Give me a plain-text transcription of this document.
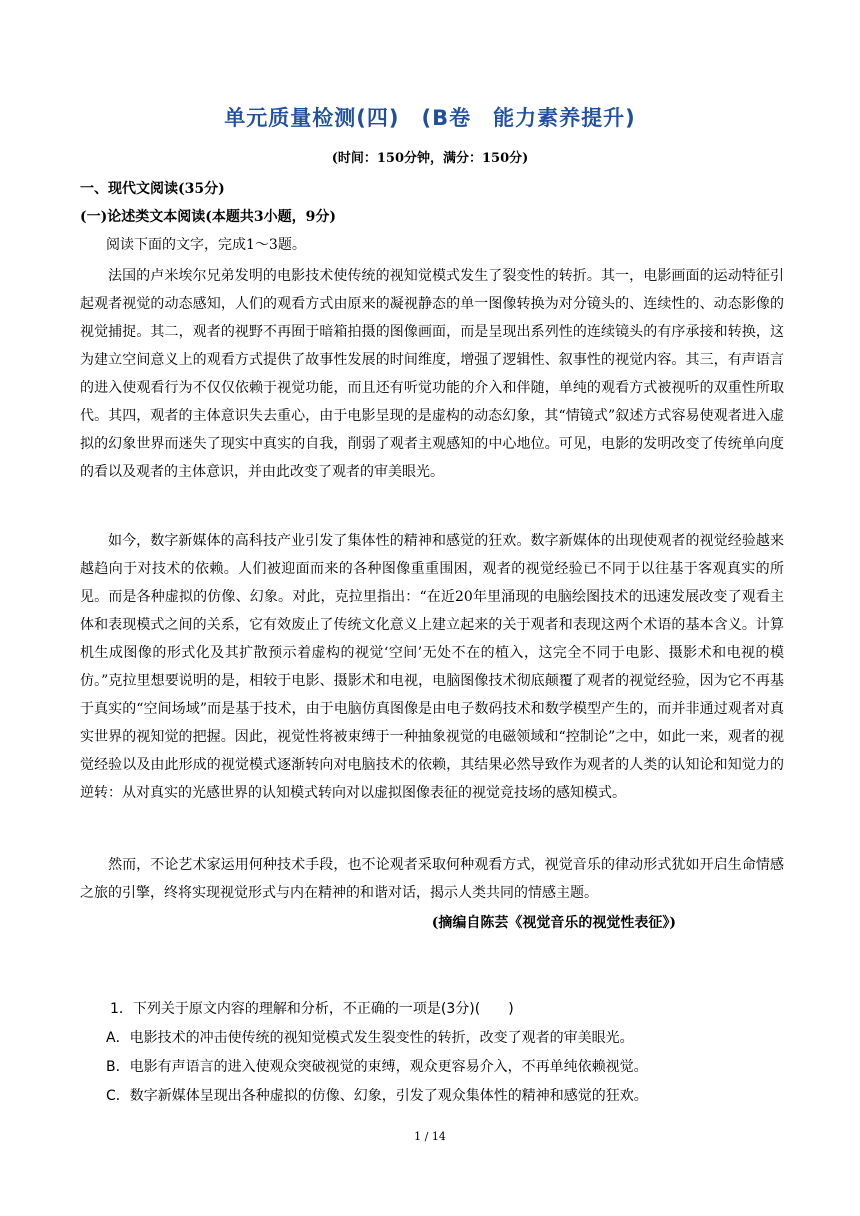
单元质量检测(四)　(B卷　能力素养提升)
(时间：150分钟，满分：150分)
一、现代文阅读(35分)
(一)论述类文本阅读(本题共3小题，9分)
阅读下面的文字，完成1～3题。
法国的卢米埃尔兄弟发明的电影技术使传统的视知觉模式发生了裂变性的转折。其一，电影画面的运动特征引起观者视觉的动态感知，人们的观看方式由原来的凝视静态的单一图像转换为对分镜头的、连续性的、动态影像的视觉捕捉。其二，观者的视野不再囿于暗箱拍摄的图像画面，而是呈现出系列性的连续镜头的有序承接和转换，这为建立空间意义上的观看方式提供了故事性发展的时间维度，增强了逻辑性、叙事性的视觉内容。其三，有声语言的进入使观看行为不仅仅依赖于视觉功能，而且还有听觉功能的介入和伴随，单纯的观看方式被视听的双重性所取代。其四，观者的主体意识失去重心，由于电影呈现的是虚构的动态幻象，其“情镜式”叙述方式容易使观者进入虚拟的幻象世界而迷失了现实中真实的自我，削弱了观者主观感知的中心地位。可见，电影的发明改变了传统单向度的看以及观者的主体意识，并由此改变了观者的审美眼光。
如今，数字新媒体的高科技产业引发了集体性的精神和感觉的狂欢。数字新媒体的出现使观者的视觉经验越来越趋向于对技术的依赖。人们被迎面而来的各种图像重重围困，观者的视觉经验已不同于以往基于客观真实的所见。而是各种虚拟的仿像、幻象。对此，克拉里指出：“在近20年里涌现的电脑绘图技术的迅速发展改变了观看主体和表现模式之间的关系，它有效废止了传统文化意义上建立起来的关于观者和表现这两个术语的基本含义。计算机生成图像的形式化及其扩散预示着虚构的视觉‘空间’无处不在的植入，这完全不同于电影、摄影术和电视的模仿。”克拉里想要说明的是，相较于电影、摄影术和电视，电脑图像技术彻底颠覆了观者的视觉经验，因为它不再基于真实的“空间场域”而是基于技术，由于电脑仿真图像是由电子数码技术和数学模型产生的，而并非通过观者对真实世界的视知觉的把握。因此，视觉性将被束缚于一种抽象视觉的电磁领域和“控制论”之中，如此一来，观者的视觉经验以及由此形成的视觉模式逐渐转向对电脑技术的依赖，其结果必然导致作为观者的人类的认知论和知觉力的逆转：从对真实的光感世界的认知模式转向对以虚拟图像表征的视觉竞技场的感知模式。
然而，不论艺术家运用何种技术手段，也不论观者采取何种观看方式，视觉音乐的律动形式犹如开启生命情感之旅的引擎，终将实现视觉形式与内在精神的和谐对话，揭示人类共同的情感主题。
(摘编自陈芸《视觉音乐的视觉性表征》)
1．下列关于原文内容的理解和分析，不正确的一项是(3分)(　　)
A．电影技术的冲击使传统的视知觉模式发生裂变性的转折，改变了观者的审美眼光。
B．电影有声语言的进入使观众突破视觉的束缚，观众更容易介入，不再单纯依赖视觉。
C．数字新媒体呈现出各种虚拟的仿像、幻象，引发了观众集体性的精神和感觉的狂欢。
1 / 14
